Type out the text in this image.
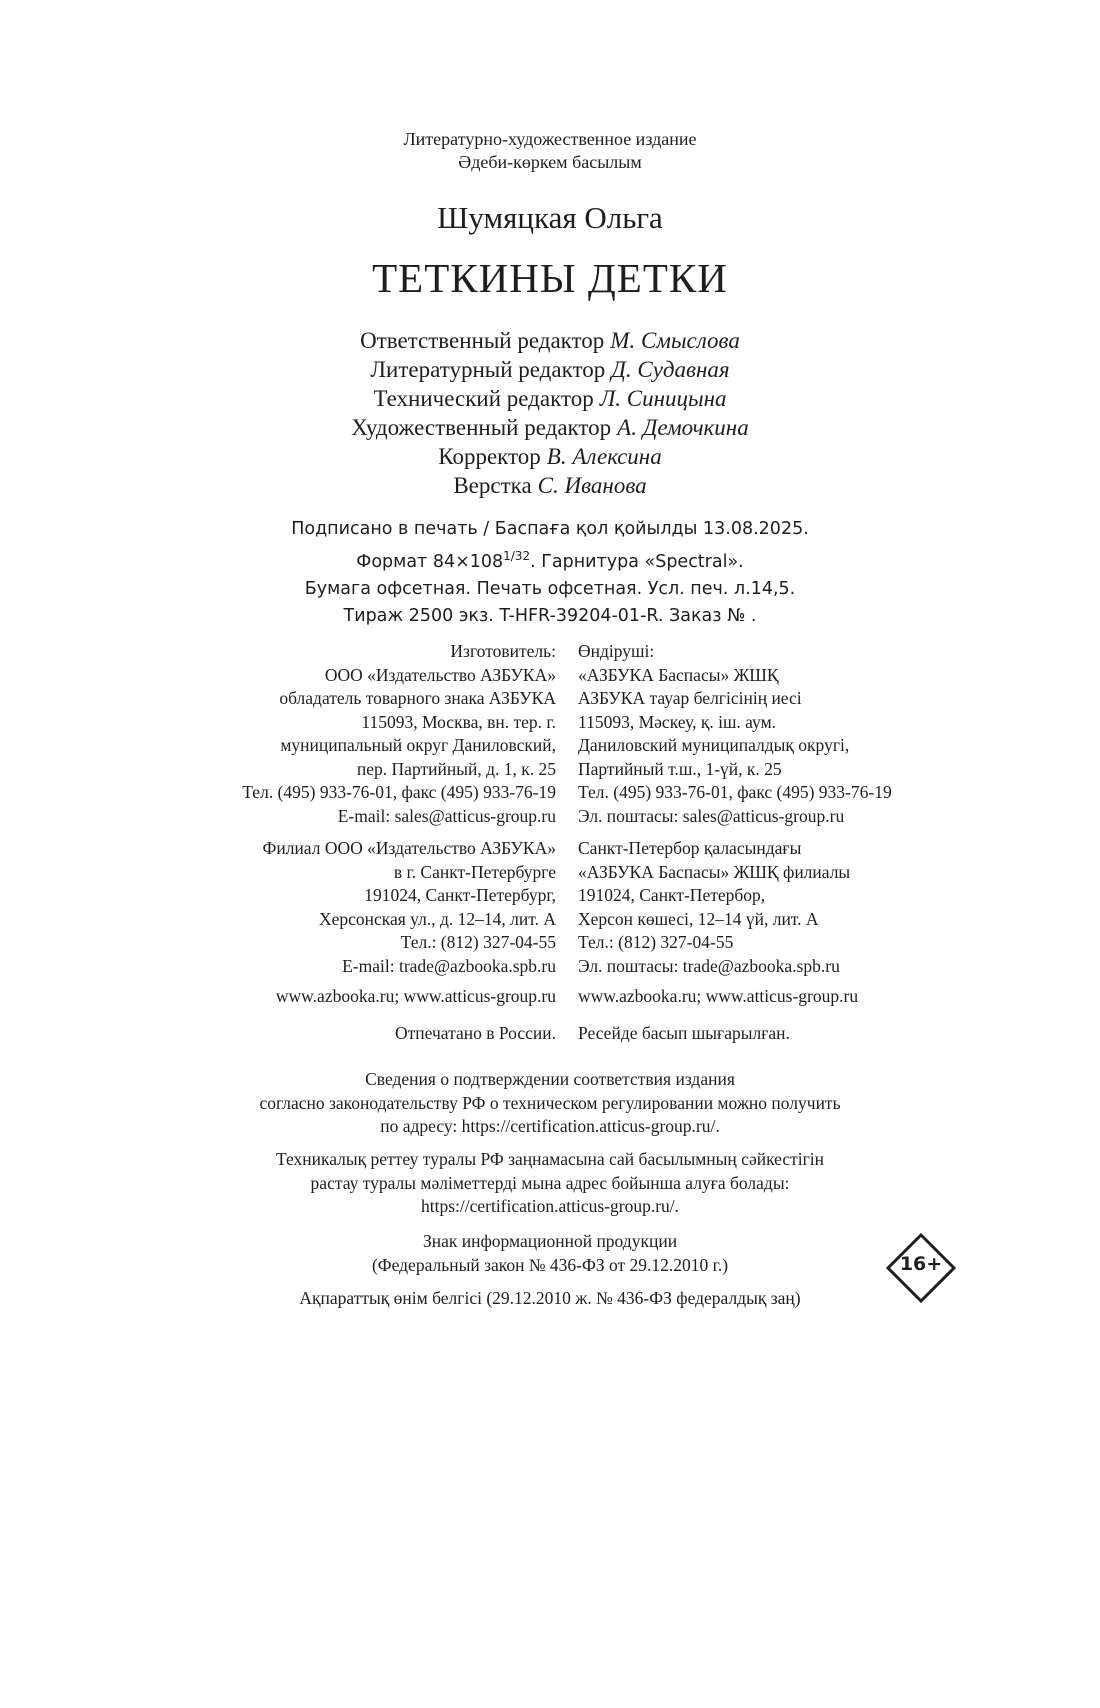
Литературно-художественное издание
Әдеби-көркем басылым
Шумяцкая Ольга
ТЕТКИНЫ ДЕТКИ
Ответственный редактор М. Смыслова
Литературный редактор Д. Судавная
Технический редактор Л. Синицына
Художественный редактор А. Демочкина
Корректор В. Алексина
Верстка С. Иванова
Подписано в печать / Баспаға қол қойылды 13.08.2025.
Формат $84\times 108^{1/32}$. Гарнитура «Spectral».
Бумага офсетная. Печать офсетная. Усл. печ. л.14,5.
Тираж 2500 экз. T-HFR-39204-01-R. Заказ № .
Изготовитель:
ООО «Издательство АЗБУКА»
обладатель товарного знака АЗБУКА
115093, Москва, вн. тер. г.
муниципальный округ Даниловский,
пер. Партийный, д. 1, к. 25
Тел. (495) 933-76-01, факс (495) 933-76-19
E-mail: sales@atticus-group.ru
Өндіруші:
«АЗБУКА Баспасы» ЖШҚ
АЗБУКА тауар белгісінің иесі
115093, Мәскеу, қ. іш. аум.
Даниловский муниципалдық округі,
Партийный т.ш., 1-үй, к. 25
Тел. (495) 933-76-01, факс (495) 933-76-19
Эл. поштасы: sales@atticus-group.ru
Филиал ООО «Издательство АЗБУКА»
в г. Санкт-Петербурге
191024, Санкт-Петербург,
Херсонская ул., д. 12–14, лит. А
Тел.: (812) 327-04-55
E-mail: trade@azbooka.spb.ru
Санкт-Петербор қаласындағы
«АЗБУКА Баспасы» ЖШҚ филиалы
191024, Санкт-Петербор,
Херсон көшесі, 12–14 үй, лит. А
Тел.: (812) 327-04-55
Эл. поштасы: trade@azbooka.spb.ru
www.azbooka.ru; www.atticus-group.ru www.azbooka.ru; www.atticus-group.ru
Отпечатано в России. Ресейде басып шығарылған.
Сведения о подтверждении соответствия издания
согласно законодательству РФ о техническом регулировании можно получить
по адресу: https://certification.atticus-group.ru/.
Техникалық реттеу туралы РФ заңнамасына сай басылымның сәйкестігін
растау туралы мәліметтерді мына адрес бойынша алуға болады:
https://certification.atticus-group.ru/.
Знак информационной продукции
(Федеральный закон № 436-ФЗ от 29.12.2010 г.)
Ақпараттық өнім белгісі (29.12.2010 ж. № 436-ФЗ федералдық заң)
16+
